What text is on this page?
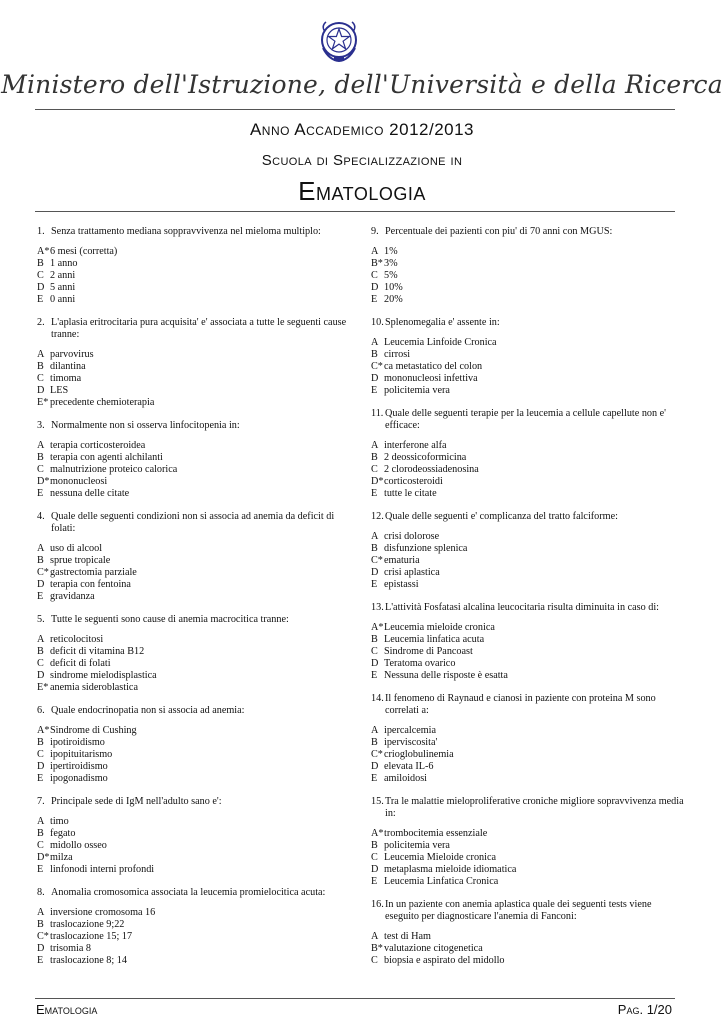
Ministero dell'Istruzione, dell'Università e della Ricerca
Anno Accademico 2012/2013
Scuola di Specializzazione in
Ematologia
1. Senza trattamento mediana soppravvivenza nel mieloma multiplo:
A* 6 mesi (corretta)
B 1 anno
C 2 anni
D 5 anni
E 0 anni
2. L'aplasia eritrocitaria pura acquisita' e' associata a tutte le seguenti cause tranne:
A parvovirus
B dilantina
C timoma
D LES
E* precedente chemioterapia
3. Normalmente non si osserva linfocitopenia in:
A terapia corticosteroidea
B terapia con agenti alchilanti
C malnutrizione proteico calorica
D* mononucleosi
E nessuna delle citate
4. Quale delle seguenti condizioni non si associa ad anemia da deficit di folati:
A uso di alcool
B sprue tropicale
C* gastrectomia parziale
D terapia con fentoina
E gravidanza
5. Tutte le seguenti sono cause di anemia macrocitica tranne:
A reticolocitosi
B deficit di vitamina B12
C deficit di folati
D sindrome mielodisplastica
E* anemia sideroblastica
6. Quale endocrinopatia non si associa ad anemia:
A* Sindrome di Cushing
B ipotiroidismo
C ipopituitarismo
D ipertiroidismo
E ipogonadismo
7. Principale sede di IgM nell'adulto sano e':
A timo
B fegato
C midollo osseo
D* milza
E linfonodi interni profondi
8. Anomalia cromosomica associata la leucemia promielocitica acuta:
A inversione cromosoma 16
B traslocazione 9;22
C* traslocazione 15; 17
D trisomia 8
E traslocazione 8; 14
9. Percentuale dei pazienti con piu' di 70 anni con MGUS:
A 1%
B* 3%
C 5%
D 10%
E 20%
10. Splenomegalia e' assente in:
A Leucemia Linfoide Cronica
B cirrosi
C* ca metastatico del colon
D mononucleosi infettiva
E policitemia vera
11. Quale delle seguenti terapie per la leucemia a cellule capellute non e' efficace:
A interferone alfa
B 2 deossicoformicina
C 2 clorodeossiadenosina
D* corticosteroidi
E tutte le citate
12. Quale delle seguenti e' complicanza del tratto falciforme:
A crisi dolorose
B disfunzione splenica
C* ematuria
D crisi aplastica
E epistassi
13. L'attività Fosfatasi alcalina leucocitaria risulta diminuita in caso di:
A* Leucemia mieloide cronica
B Leucemia linfatica acuta
C Sindrome di Pancoast
D Teratoma ovarico
E Nessuna delle risposte è esatta
14. Il fenomeno di Raynaud e cianosi in paziente con proteina M sono correlati a:
A ipercalcemia
B iperviscosita'
C* crioglobulinemia
D elevata IL-6
E amiloidosi
15. Tra le malattie mieloproliferative croniche migliore sopravvivenza media in:
A* trombocitemia essenziale
B policitemia vera
C Leucemia Mieloide cronica
D metaplasma mieloide idiomatica
E Leucemia Linfatica Cronica
16. In un paziente con anemia aplastica quale dei seguenti tests viene eseguito per diagnosticare l'anemia di Fanconi:
A test di Ham
B* valutazione citogenetica
C biopsia e aspirato del midollo
Ematologia	Pag. 1/20
